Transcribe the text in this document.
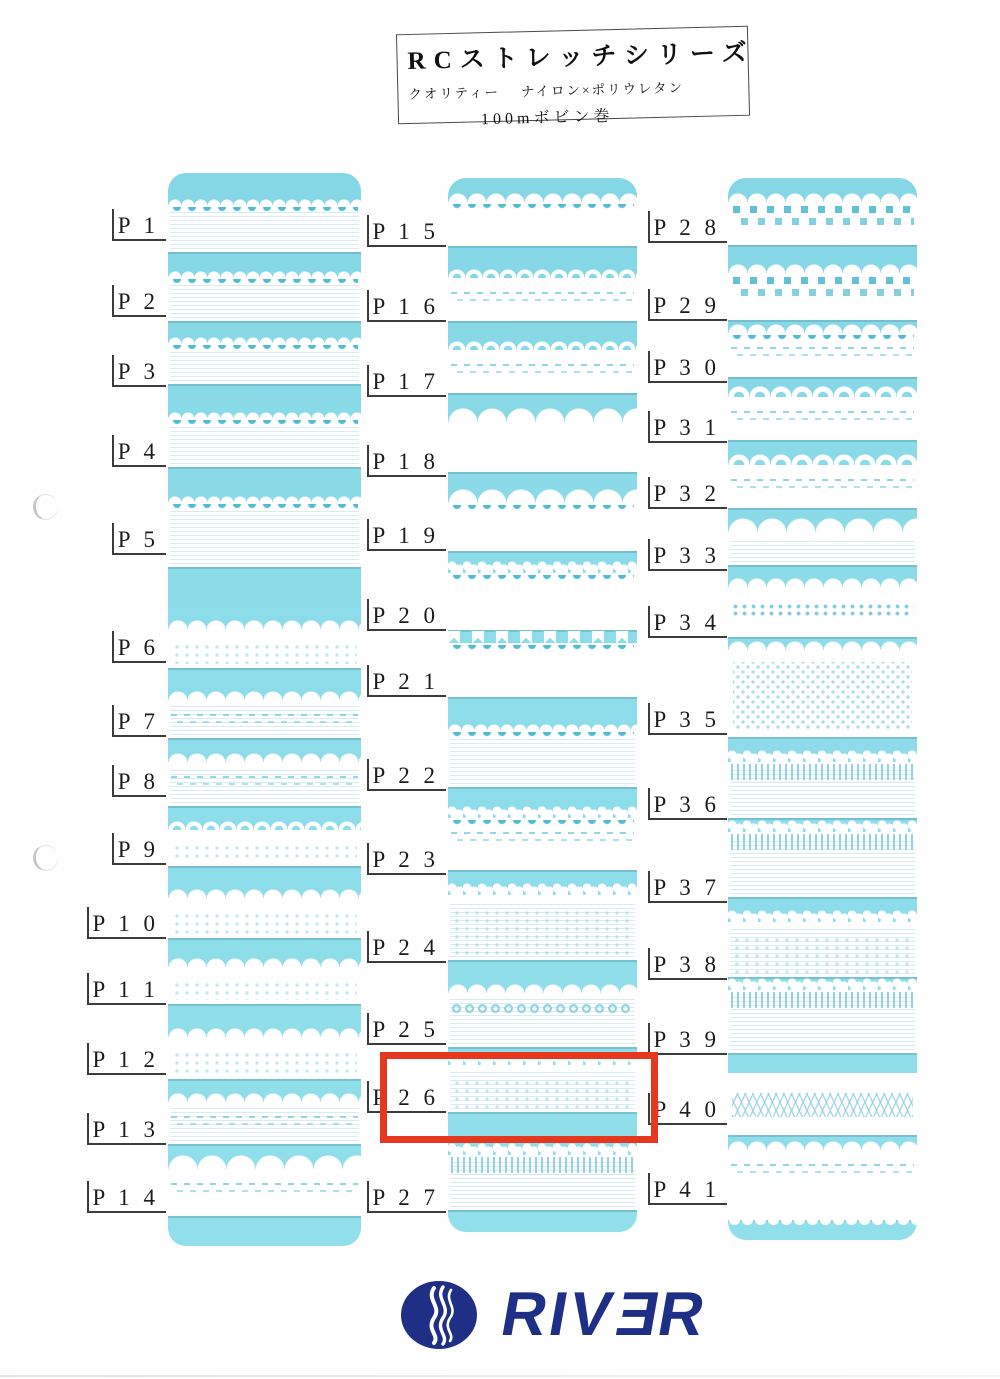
RCストレッチシリーズ
クオリティー　 ナイロン×ポリウレタン
100mボビン巻
P 1
P 2
P 3
P 4
P 5
P 6
P 7
P 8
P 9
P 1 0
P 1 1
P 1 2
P 1 3
P 1 4
P 1 5
P 1 6
P 1 7
P 1 8
P 1 9
P 2 0
P 2 1
P 2 2
P 2 3
P 2 4
P 2 5
P 2 6
P 2 7
P 2 8
P 2 9
P 3 0
P 3 1
P 3 2
P 3 3
P 3 4
P 3 5
P 3 6
P 3 7
P 3 8
P 3 9
P 4 0
P 4 1
RIVER
